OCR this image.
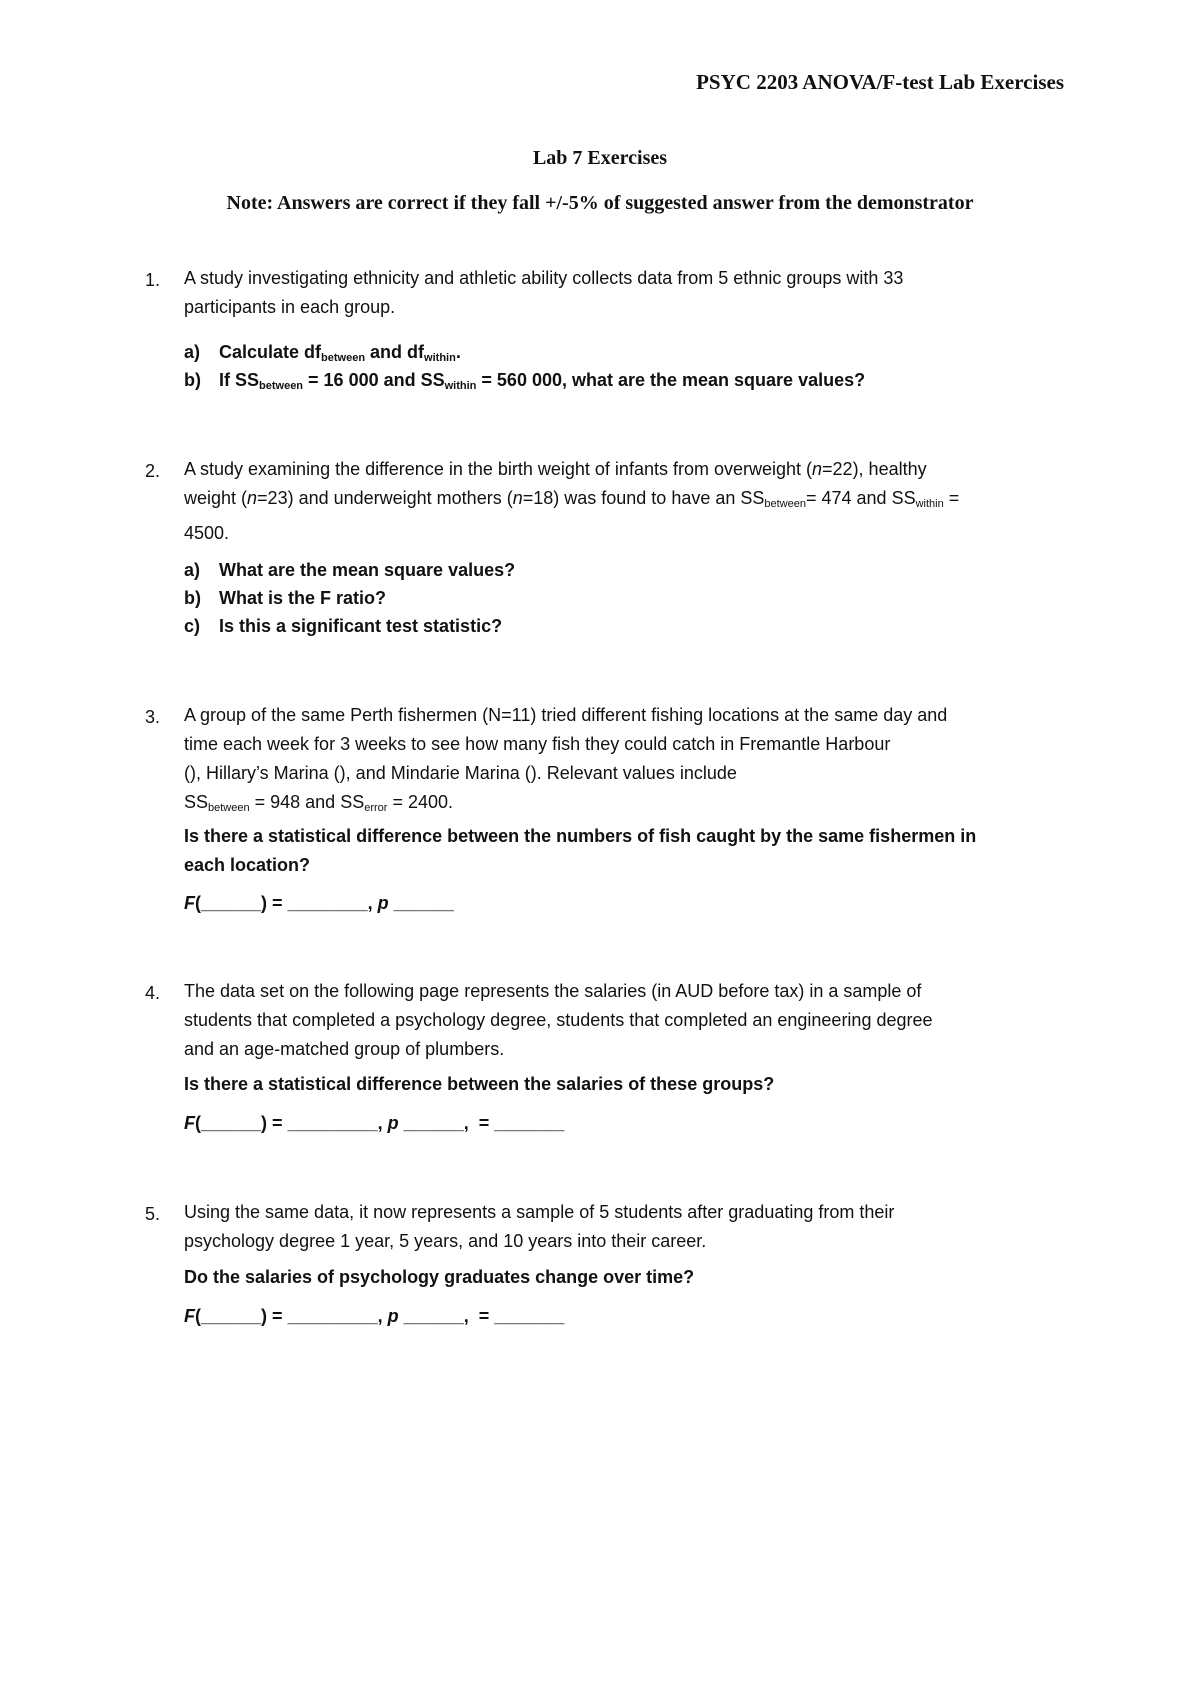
PSYC 2203 ANOVA/F-test Lab Exercises
Lab 7 Exercises
Note: Answers are correct if they fall +/-5% of suggested answer from the demonstrator
1.	A study investigating ethnicity and athletic ability collects data from 5 ethnic groups with 33
participants in each group.
a) Calculate $df_{between}$ and $df_{within}$.
b) If $SS_{between} = 16$ 000 and $SS_{within} = 560$ 000, what are the mean square values?
2.	A study examining the difference in the birth weight of infants from overweight (n=22), healthy
weight (n=23) and underweight mothers (n=18) was found to have an $SS_{between}= 474$ and $SS_{within}$ =
4500.
a) What are the mean square values?
b) What is the F ratio?
c) Is this a significant test statistic?
3.	A group of the same Perth fishermen (N=11) tried different fishing locations at the same day and
time each week for 3 weeks to see how many fish they could catch in Fremantle Harbour
(), Hillary’s Marina (), and Mindarie Marina (). Relevant values include
$SS_{between} = 948$ and $SS_{error} = 2400$.
Is there a statistical difference between the numbers of fish caught by the same fishermen in
each location?
F(______) = ________, p ______
4.	The data set on the following page represents the salaries (in AUD before tax) in a sample of
students that completed a psychology degree, students that completed an engineering degree
and an age-matched group of plumbers.
Is there a statistical difference between the salaries of these groups?
F(______) = _________, p ______,  = _______
5.	Using the same data, it now represents a sample of 5 students after graduating from their
psychology degree 1 year, 5 years, and 10 years into their career.
Do the salaries of psychology graduates change over time?
F(______) = _________, p ______,  = _______
